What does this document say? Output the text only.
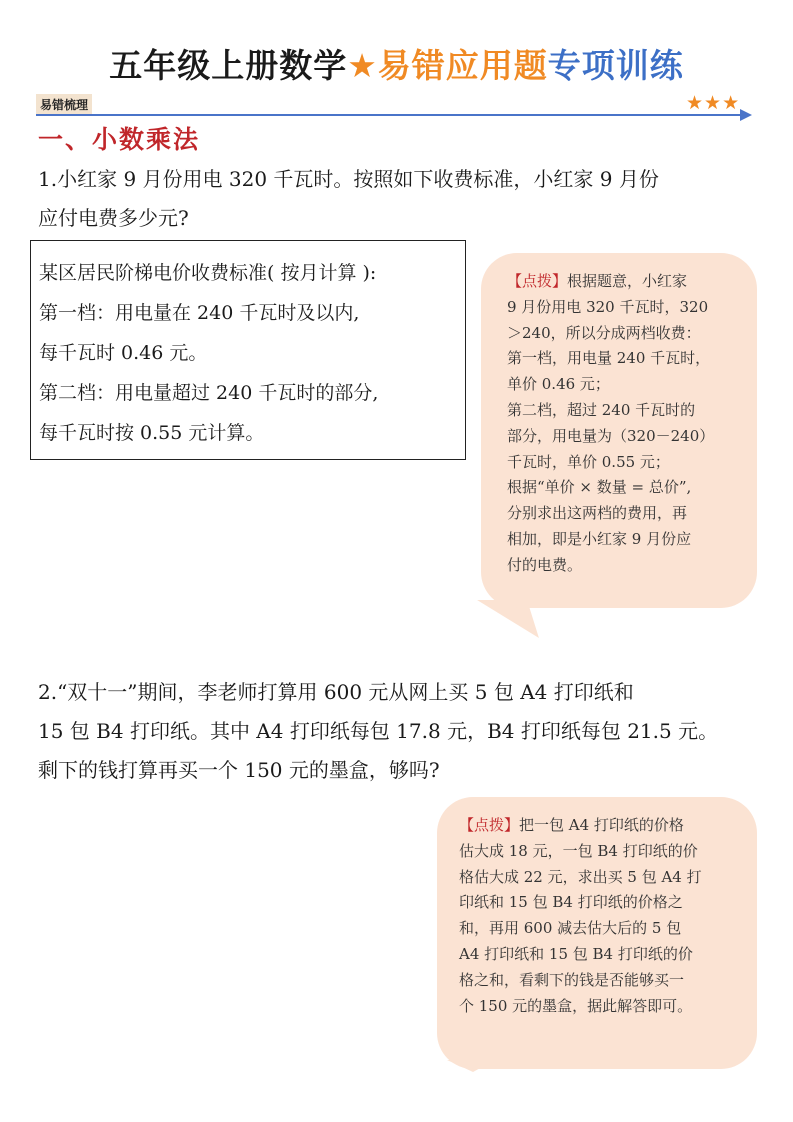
五年级上册数学★易错应用题专项训练
易错梳理	★★★
一、小数乘法
1.小红家 9 月份用电 320 千瓦时。按照如下收费标准，小红家 9 月份
应付电费多少元?
某区居民阶梯电价收费标准( 按月计算 ):
第一档：用电量在 240 千瓦时及以内,
每千瓦时 0.46 元。
第二档：用电量超过 240 千瓦时的部分,
每千瓦时按 0.55 元计算。
【点拨】根据题意，小红家
9 月份用电 320 千瓦时，320
＞240，所以分成两档收费：
第一档，用电量 240 千瓦时，
单价 0.46 元；
第二档，超过 240 千瓦时的
部分，用电量为（320－240）
千瓦时，单价 0.55 元；
根据“单价 × 数量 = 总价”,
分别求出这两档的费用，再
相加，即是小红家 9 月份应
付的电费。
2.“双十一”期间，李老师打算用 600 元从网上买 5 包 A4 打印纸和
15 包 B4 打印纸。其中 A4 打印纸每包 17.8 元，B4 打印纸每包 21.5 元。
剩下的钱打算再买一个 150 元的墨盒，够吗?
【点拨】把一包 A4 打印纸的价格
估大成 18 元，一包 B4 打印纸的价
格估大成 22 元，求出买 5 包 A4 打
印纸和 15 包 B4 打印纸的价格之
和，再用 600 减去估大后的 5 包
A4 打印纸和 15 包 B4 打印纸的价
格之和，看剩下的钱是否能够买一
个 150 元的墨盒，据此解答即可。
